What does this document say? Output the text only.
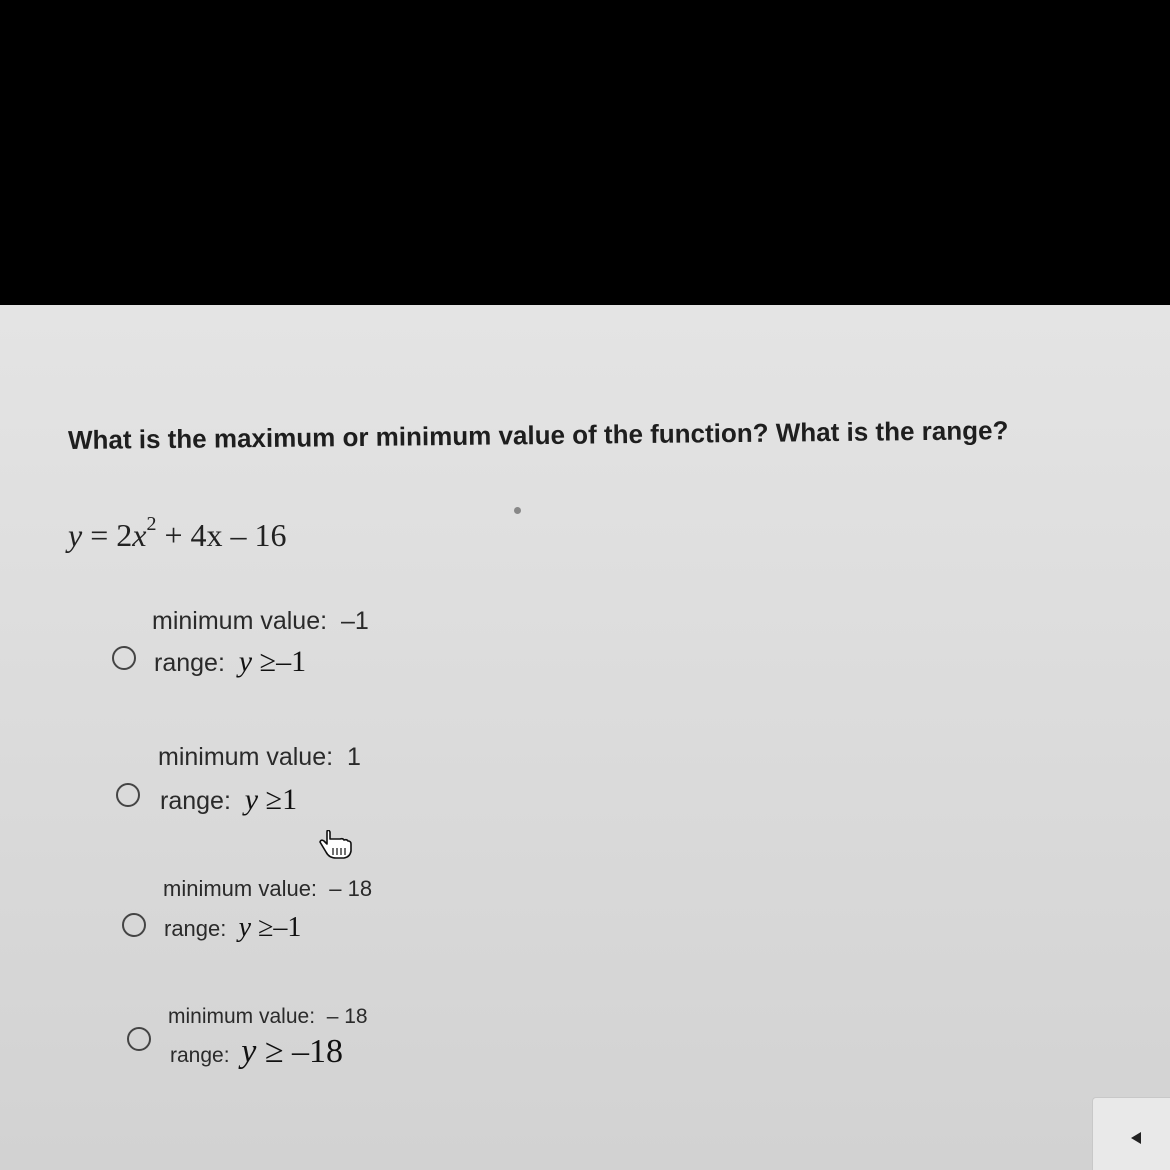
What is the maximum or minimum value of the function? What is the range?
$y = 2x^2 + 4x - 16$
minimum value: –1
range: y ≥–1
minimum value: 1
range: y ≥1
minimum value: – 18
range: y ≥–1
minimum value: – 18
range: y ≥ –18
